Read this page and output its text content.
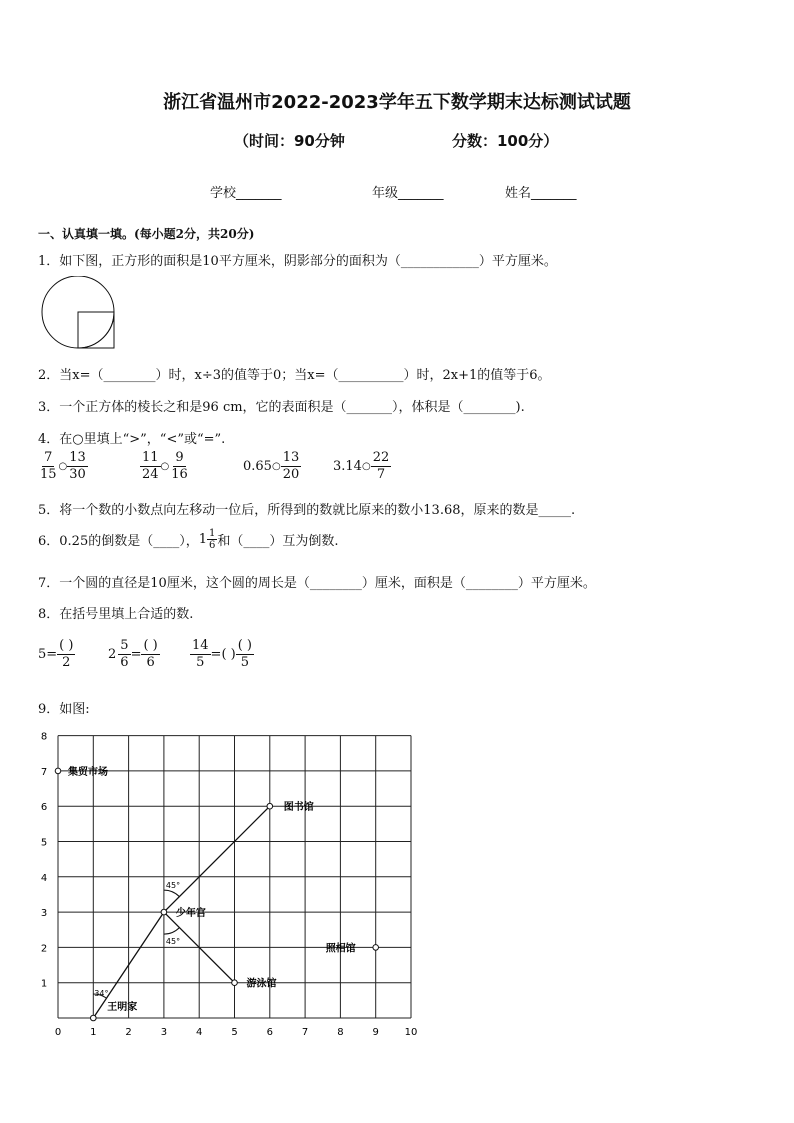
浙江省温州市2022-2023学年五下数学期末达标测试试题
（时间：90分钟	分数：100分）
学校_______	年级_______	姓名_______
一、认真填一填。(每小题2分，共20分)
1．如下图，正方形的面积是10平方厘米，阴影部分的面积为（____________）平方厘米。
2．当x=（________）时，x÷3的值等于0；当x=（__________）时，2x+1的值等于6。
3．一个正方体的棱长之和是96 cm，它的表面积是（_______），体积是（________).
4．在○里填上“>”，“<”或“=”.
$\frac{7}{15}$ ○ $\frac{13}{30}$	$\frac{11}{24}$ ○ $\frac{9}{16}$	0.65 ○ $\frac{13}{20} 3.14$ ○ $\frac{22}{7}$
5．将一个数的小数点向左移动一位后，所得到的数就比原来的数小13.68，原来的数是_____.
6．0.25的倒数是（____）， $1 \frac{1}{6}$ 和（____）互为倒数.
7．一个圆的直径是10厘米，这个圆的周长是（________）厘米，面积是（________）平方厘米。
8．在括号里填上合适的数.
$5= \frac{( )}{2}$	$2 \frac{5}{6} = \frac{( )}{6} \frac{14}{5}$ =( ) $\frac{( )}{5}$
9．如图:
0	1	2	3	4	5	6	7	8	9	10
1
2
3
4
5
6
7
8
集贸市场
图书馆
少年宫
照相馆
游泳馆
王明家
45°
45°
34°
